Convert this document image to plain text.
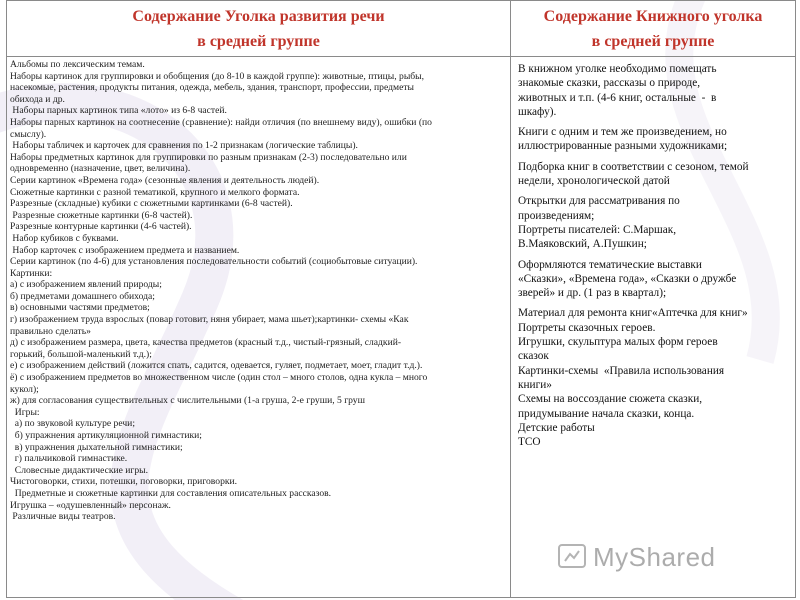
Содержание Уголка развития речи
в средней группе
Содержание Книжного уголка
в средней группе
Альбомы по лексическим темам.
Наборы картинок для группировки и обобщения (до 8-10 в каждой группе): животные, птицы, рыбы,
насекомые, растения, продукты питания, одежда, мебель, здания, транспорт, профессии, предметы
обихода и др.
Наборы парных картинок типа «лото» из 6-8 частей.
Наборы парных картинок на соотнесение (сравнение): найди отличия (по внешнему виду), ошибки (по
смыслу).
Наборы табличек и карточек для сравнения по 1-2 признакам (логические таблицы).
Наборы предметных картинок для группировки по разным признакам (2-3) последовательно или
одновременно (назначение, цвет, величина).
Серии картинок «Времена года» (сезонные явления и деятельность людей).
Сюжетные картинки с разной тематикой, крупного и мелкого формата.
Разрезные (складные) кубики с сюжетными картинками (6-8 частей).
Разрезные сюжетные картинки (6-8 частей).
Разрезные контурные картинки (4-6 частей).
Набор кубиков с буквами.
Набор карточек с изображением предмета и названием.
Серии картинок (по 4-6) для установления последовательности событий (социобытовые ситуации).
Картинки:
а) с изображением явлений природы;
б) предметами домашнего обихода;
в) основными частями предметов;
г) изображением труда взрослых (повар готовит, няня убирает, мама шьет);картинки- схемы «Как
правильно сделать»
д) с изображением размера, цвета, качества предметов (красный т.д., чистый-грязный, сладкий-
горький, большой-маленький т.д.);
е) с изображением действий (ложится спать, садится, одевается, гуляет, подметает, моет, гладит т.д.).
ё) с изображением предметов во множественном числе (один стол – много столов, одна кукла – много
кукол);
ж) для согласования существительных с числительными (1-а груша, 2-е груши, 5 груш
Игры:
а) по звуковой культуре речи;
б) упражнения артикуляционной гимнастики;
в) упражнения дыхательной гимнастики;
г) пальчиковой гимнастике.
Словесные дидактические игры.
Чистоговорки, стихи, потешки, поговорки, приговорки.
Предметные и сюжетные картинки для составления описательных рассказов.
Игрушка – «одушевленный» персонаж.
Различные виды театров.
В книжном уголке необходимо помещать
знакомые сказки, рассказы о природе,
животных и т.п. (4-6 книг, остальные  -  в
шкафу).
Книги с одним и тем же произведением, но
иллюстрированные разными художниками;
Подборка книг в соответствии с сезоном, темой
недели, хронологической датой
Открытки для рассматривания по
произведениям;
Портреты писателей: С.Маршак,
В.Маяковский, А.Пушкин;
Оформляются тематические выставки
«Сказки», «Времена года», «Сказки о дружбе
зверей» и др. (1 раз в квартал);
Материал для ремонта книг«Аптечка для книг»
Портреты сказочных героев.
Игрушки, скульптура малых форм героев
сказок
Картинки-схемы  «Правила использования
книги»
Схемы на воссоздание сюжета сказки,
придумывание начала сказки, конца.
Детские работы
ТСО
MyShared
